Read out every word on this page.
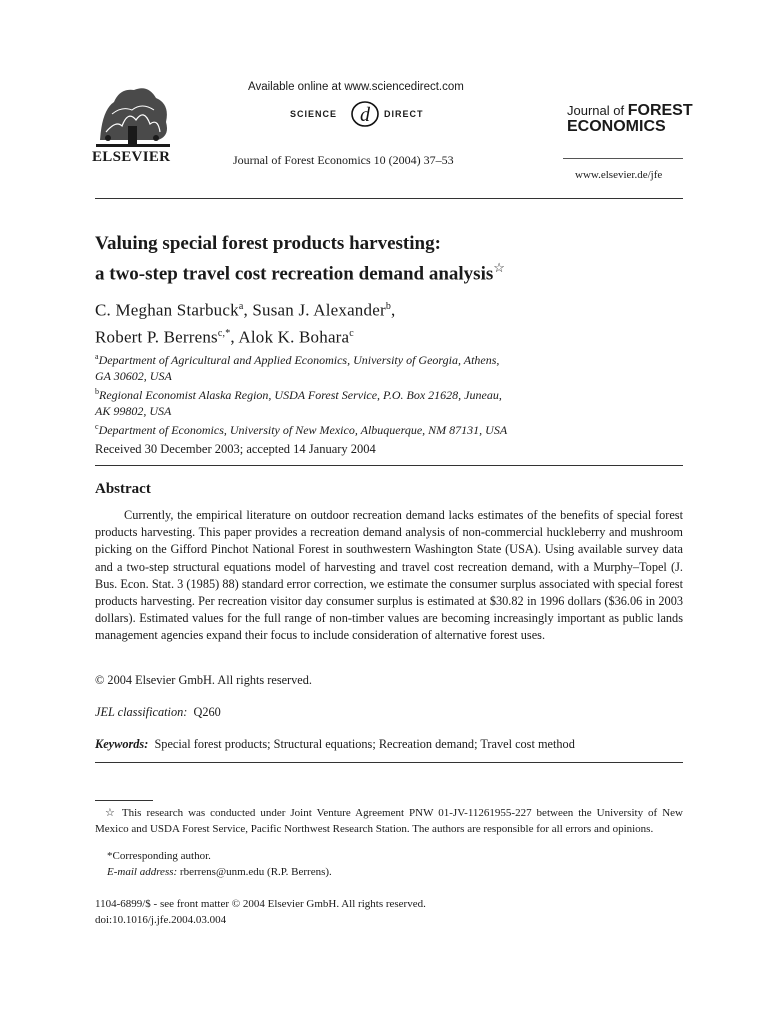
ELSEVIER
Available online at www.sciencedirect.com
SCIENCE d DIRECT
Journal of Forest Economics 10 (2004) 37–53
Journal of FOREST
ECONOMICS
www.elsevier.de/jfe
Valuing special forest products harvesting:
a two-step travel cost recreation demand analysis☆
C. Meghan Starbuck$^a$, Susan J. Alexander$^b$,
Robert P. Berrens$^{c,*}$, Alok K. Bohara$^c$
$^a$Department of Agricultural and Applied Economics, University of Georgia, Athens,
GA 30602, USA
$^b$Regional Economist Alaska Region, USDA Forest Service, P.O. Box 21628, Juneau,
AK 99802, USA
$^c$Department of Economics, University of New Mexico, Albuquerque, NM 87131, USA
Received 30 December 2003; accepted 14 January 2004
Abstract
Currently, the empirical literature on outdoor recreation demand lacks estimates of the benefits of special forest products harvesting. This paper provides a recreation demand analysis of non-commercial huckleberry and mushroom picking on the Gifford Pinchot National Forest in southwestern Washington State (USA). Using available survey data and a two-step structural equations model of harvesting and travel cost recreation demand, with a Murphy–Topel (J. Bus. Econ. Stat. 3 (1985) 88) standard error correction, we estimate the consumer surplus associated with special forest products harvesting. Per recreation visitor day consumer surplus is estimated at $30.82 in 1996 dollars ($36.06 in 2003 dollars). Estimated values for the full range of non-timber values are becoming increasingly important as public lands management agencies expand their focus to include consideration of alternative forest uses.
© 2004 Elsevier GmbH. All rights reserved.
JEL classification: Q260
Keywords: Special forest products; Structural equations; Recreation demand; Travel cost method
☆ This research was conducted under Joint Venture Agreement PNW 01-JV-11261955-227 between the University of New Mexico and USDA Forest Service, Pacific Northwest Research Station. The authors are responsible for all errors and opinions.
*Corresponding author.
E-mail address: rberrens@unm.edu (R.P. Berrens).
1104-6899/$ - see front matter © 2004 Elsevier GmbH. All rights reserved.
doi:10.1016/j.jfe.2004.03.004
